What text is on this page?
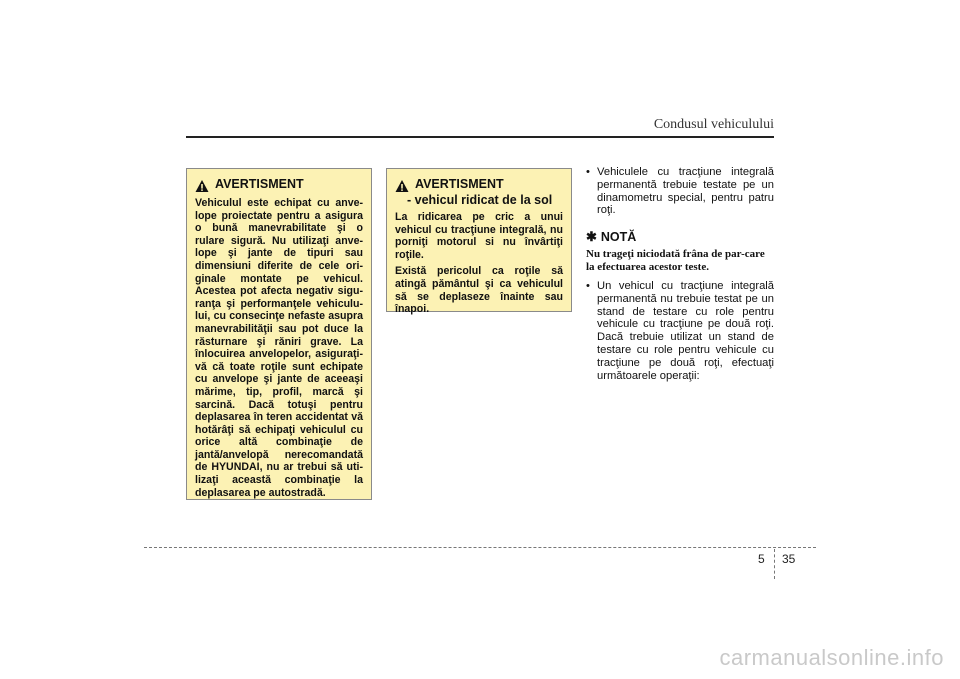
Condusul vehiculului
AVERTISMENT
Vehiculul este echipat cu anve-lope proiectate pentru a asigura o bună manevrabilitate şi o rulare sigură. Nu utilizaţi anve-lope şi jante de tipuri sau dimensiuni diferite de cele ori-ginale montate pe vehicul. Acestea pot afecta negativ sigu-ranţa şi performanţele vehiculu-lui, cu consecinţe nefaste asupra manevrabilităţii sau pot duce la răsturnare şi răniri grave. La înlocuirea anvelopelor, asiguraţi-vă că toate roţile sunt echipate cu anvelope şi jante de aceeaşi mărime, tip, profil, marcă şi sarcină. Dacă totuşi pentru deplasarea în teren accidentat vă hotărâţi să echipaţi vehiculul cu orice altă combinaţie de jantă/anvelopă nerecomandată de HYUNDAI, nu ar trebui să uti-lizaţi această combinaţie la deplasarea pe autostradă.
AVERTISMENT
- vehicul ridicat de la sol
La ridicarea pe cric a unui vehicul cu tracţiune integrală, nu porniţi motorul si nu învârtiţi roţile.
Există pericolul ca roţile să atingă pământul şi ca vehiculul să se deplaseze înainte sau înapoi.
• Vehiculele cu tracţiune integrală permanentă trebuie testate pe un dinamometru special, pentru patru roţi.
✱ NOTĂ
Nu trageţi niciodată frâna de par-care la efectuarea acestor teste.
• Un vehicul cu tracţiune integrală permanentă nu trebuie testat pe un stand de testare cu role pentru vehicule cu tracţiune pe două roţi. Dacă trebuie utilizat un stand de testare cu role pentru vehicule cu tracţiune pe două roţi, efectuaţi următoarele operaţii:
5 35
carmanualsonline.info
